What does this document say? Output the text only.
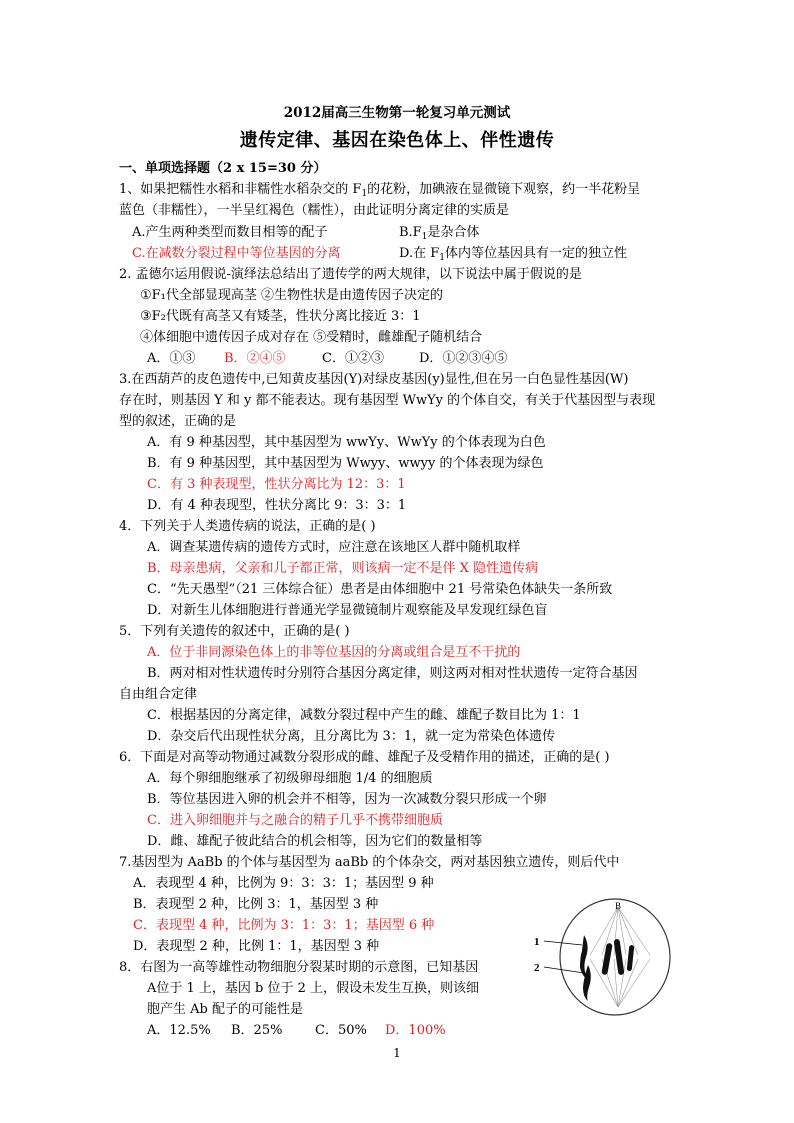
2012届高三生物第一轮复习单元测试
遗传定律、基因在染色体上、伴性遗传
一、单项选择题（2 x 15=30 分）
1、如果把糯性水稻和非糯性水稻杂交的 $F_1$的花粉，加碘液在显微镜下观察，约一半花粉呈
蓝色（非糯性），一半呈红褐色（糯性），由此证明分离定律的实质是
A.产生两种类型而数目相等的配子	$B.F_1$是杂合体
C.在减数分裂过程中等位基因的分离	D.在 $F_1$体内等位基因具有一定的独立性
2. 孟德尔运用假说-演绎法总结出了遗传学的两大规律，以下说法中属于假说的是
①F₁代全部显现高茎 ②生物性状是由遗传因子决定的
③F₂代既有高茎又有矮茎，性状分离比接近 3：1
④体细胞中遗传因子成对存在 ⑤受精时，雌雄配子随机结合
A．①③ B．②④⑤	C．①②③	D．①②③④⑤
3.在西葫芦的皮色遗传中,已知黄皮基因(Y)对绿皮基因(y)显性,但在另一白色显性基因(W)
存在时，则基因 Y 和 y 都不能表达。现有基因型 WwYy 的个体自交，有关于代基因型与表现
型的叙述，正确的是
A．有 9 种基因型，其中基因型为 wwYy、WwYy 的个体表现为白色
B．有 9 种基因型，其中基因型为 Wwyy、wwyy 的个体表现为绿色
C．有 3 种表现型，性状分离比为 12：3：1
D．有 4 种表现型，性状分离比 9：3：3：1
4．下列关于人类遗传病的说法，正确的是( )
A．调查某遗传病的遗传方式时，应注意在该地区人群中随机取样
B．母亲患病，父亲和儿子都正常，则该病一定不是伴 X 隐性遗传病
C．“先天愚型”（21 三体综合征）患者是由体细胞中 21 号常染色体缺失一条所致
D．对新生儿体细胞进行普通光学显微镜制片观察能及早发现红绿色盲
5．下列有关遗传的叙述中，正确的是( )
A．位于非同源染色体上的非等位基因的分离或组合是互不干扰的
B．两对相对性状遗传时分别符合基因分离定律，则这两对相对性状遗传一定符合基因
自由组合定律
C．根据基因的分离定律，减数分裂过程中产生的雌、雄配子数目比为 1：1
D．杂交后代出现性状分离，且分离比为 3：1，就一定为常染色体遗传
6．下面是对高等动物通过减数分裂形成的雌、雄配子及受精作用的描述，正确的是( )
A．每个卵细胞继承了初级卵母细胞 1/4 的细胞质
B．等位基因进入卵的机会并不相等，因为一次减数分裂只形成一个卵
C．进入卵细胞并与之融合的精子几乎不携带细胞质
D．雌、雄配子彼此结合的机会相等，因为它们的数量相等
7.基因型为 AaBb 的个体与基因型为 aaBb 的个体杂交，两对基因独立遗传，则后代中
A．表现型 4 种，比例为 9：3：3：1；基因型 9 种
B．表现型 2 种，比例 3：1，基因型 3 种
C．表现型 4 种，比例为 3：1：3：1；基因型 6 种
D．表现型 2 种，比例 1：1，基因型 3 种
8．右图为一高等雄性动物细胞分裂某时期的示意图，已知基因
A位于 1 上，基因 b 位于 2 上，假设未发生互换，则该细
胞产生 Ab 配子的可能性是
A．12.5% B．25%	C．50% D．100%
B
1
2
1
